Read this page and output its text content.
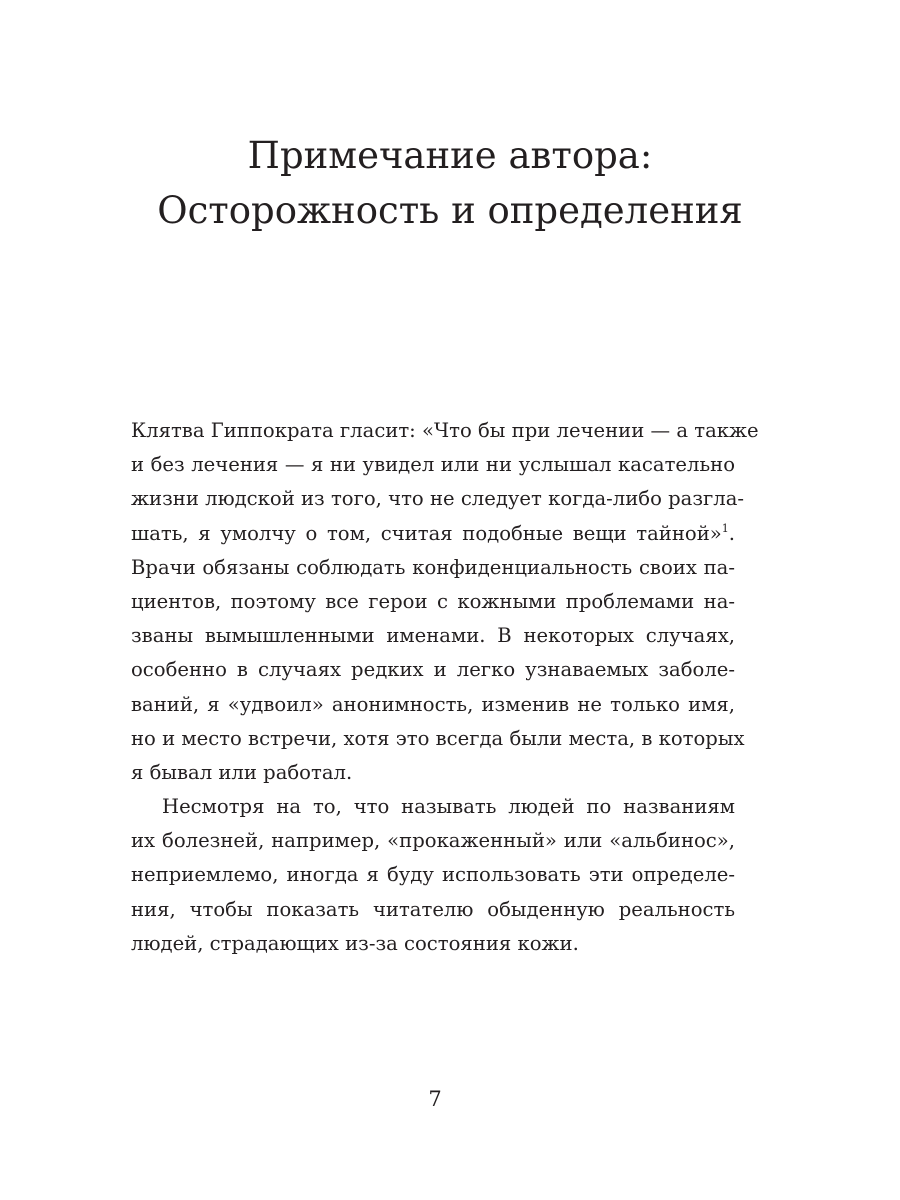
Примечание автора:
Осторожность и определения
Клятва Гиппократа гласит: «Что бы при лечении — а также
и без лечения — я ни увидел или ни услышал касательно
жизни людской из того, что не следует когда-либо разгла-
шать, я умолчу о том, считая подобные вещи тайной»$^1$.
Врачи обязаны соблюдать конфиденциальность своих па-
циентов, поэтому все герои с кожными проблемами на-
званы вымышленными именами. В некоторых случаях,
особенно в случаях редких и легко узнаваемых заболе-
ваний, я «удвоил» анонимность, изменив не только имя,
но и место встречи, хотя это всегда были места, в которых
я бывал или работал.
Несмотря на то, что называть людей по названиям
их болезней, например, «прокаженный» или «альбинос»,
неприемлемо, иногда я буду использовать эти определе-
ния, чтобы показать читателю обыденную реальность
людей, страдающих из-за состояния кожи.
7
